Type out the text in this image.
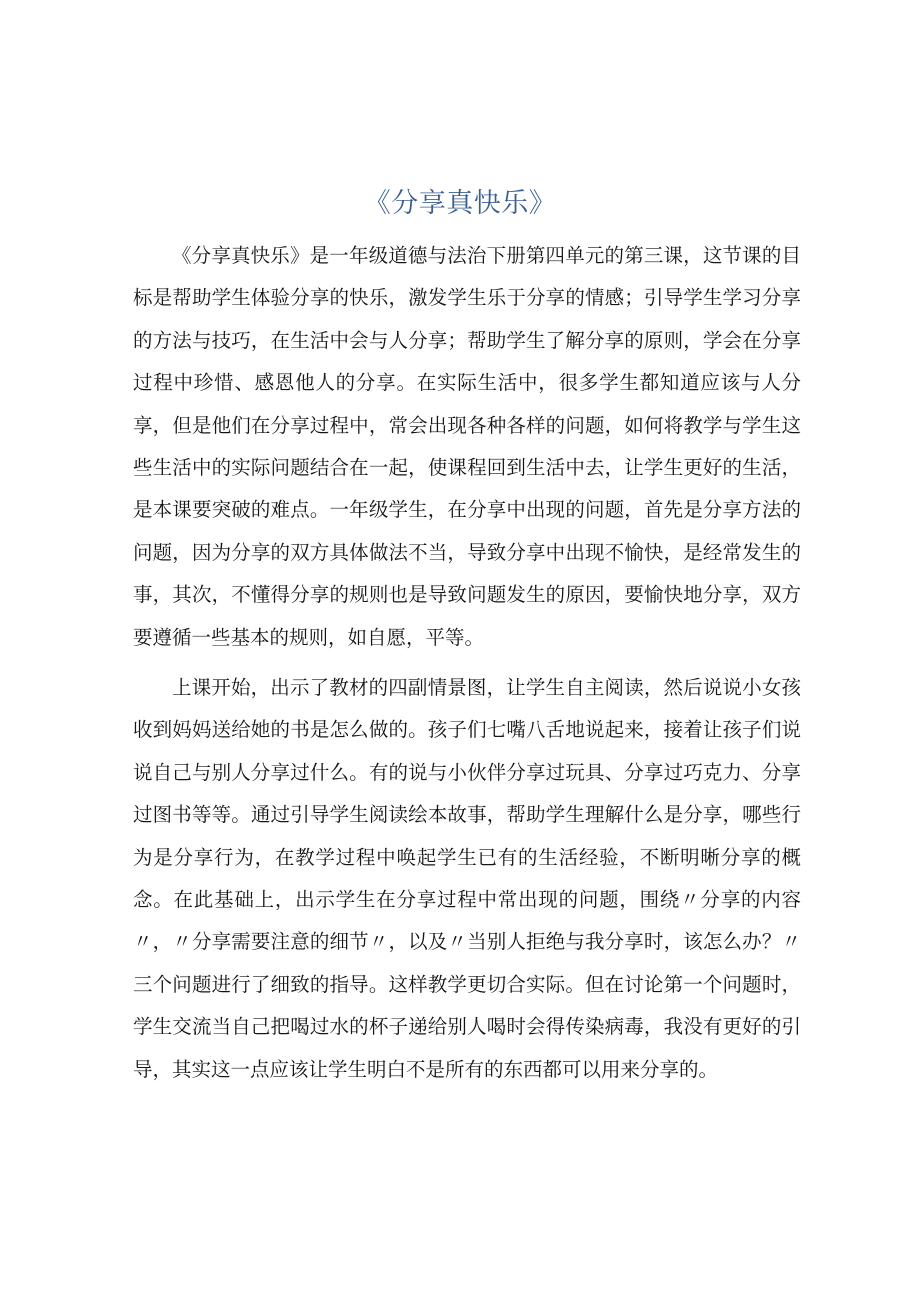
《分享真快乐》

《分享真快乐》是一年级道德与法治下册第四单元的第三课，这节课的目标是帮助学生体验分享的快乐，激发学生乐于分享的情感；引导学生学习分享的方法与技巧，在生活中会与人分享；帮助学生了解分享的原则，学会在分享过程中珍惜、感恩他人的分享。在实际生活中，很多学生都知道应该与人分享，但是他们在分享过程中，常会出现各种各样的问题，如何将教学与学生这些生活中的实际问题结合在一起，使课程回到生活中去，让学生更好的生活，是本课要突破的难点。一年级学生，在分享中出现的问题，首先是分享方法的问题，因为分享的双方具体做法不当，导致分享中出现不愉快，是经常发生的事，其次，不懂得分享的规则也是导致问题发生的原因，要愉快地分享，双方要遵循一些基本的规则，如自愿，平等。

上课开始，出示了教材的四副情景图，让学生自主阅读，然后说说小女孩收到妈妈送给她的书是怎么做的。孩子们七嘴八舌地说起来，接着让孩子们说说自己与别人分享过什么。有的说与小伙伴分享过玩具、分享过巧克力、分享过图书等等。通过引导学生阅读绘本故事，帮助学生理解什么是分享，哪些行为是分享行为，在教学过程中唤起学生已有的生活经验，不断明晰分享的概念。在此基础上，出示学生在分享过程中常出现的问题，围绕〃分享的内容〃，〃分享需要注意的细节〃，以及〃当别人拒绝与我分享时，该怎么办？〃三个问题进行了细致的指导。这样教学更切合实际。但在讨论第一个问题时，学生交流当自己把喝过水的杯子递给别人喝时会得传染病毒，我没有更好的引导，其实这一点应该让学生明白不是所有的东西都可以用来分享的。
